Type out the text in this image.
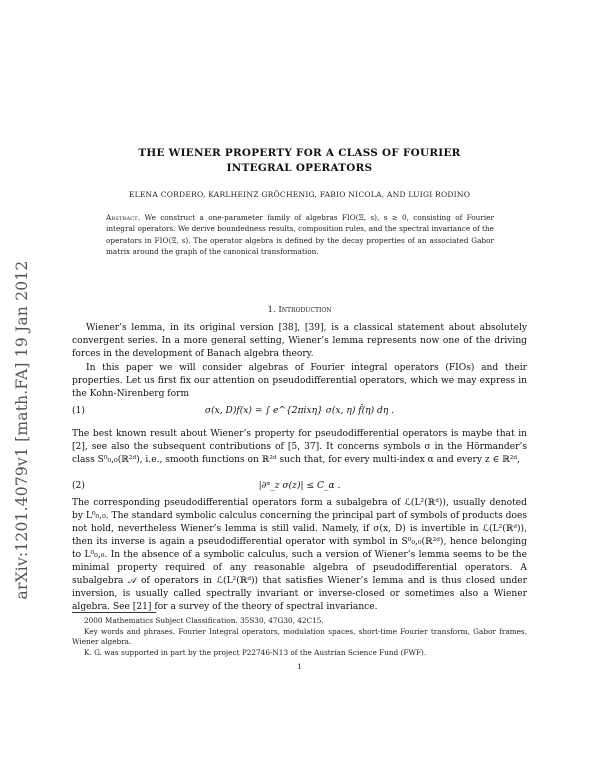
arXiv:1201.4079v1 [math.FA] 19 Jan 2012
THE WIENER PROPERTY FOR A CLASS OF FOURIER
INTEGRAL OPERATORS
ELENA CORDERO, KARLHEINZ GRÖCHENIG, FABIO NICOLA, AND LUIGI RODINO
Abstract. We construct a one-parameter family of algebras FIO(Ξ, s), s ≥ 0, consisting of Fourier integral operators. We derive boundedness results, composition rules, and the spectral invariance of the operators in FIO(Ξ, s). The operator algebra is defined by the decay properties of an associated Gabor matrix around the graph of the canonical transformation.
1. Introduction
Wiener’s lemma, in its original version [38], [39], is a classical statement about absolutely convergent series. In a more general setting, Wiener’s lemma represents now one of the driving forces in the development of Banach algebra theory.
In this paper we will consider algebras of Fourier integral operators (FIOs) and their properties. Let us first fix our attention on pseudodifferential operators, which we may express in the Kohn-Nirenberg form
(1)	σ(x, D)f(x) = ∫ e^{2πixη} σ(x, η) f̂(η) dη .
The best known result about Wiener’s property for pseudodifferential operators is maybe that in [2], see also the subsequent contributions of [5, 37]. It concerns symbols σ in the Hörmander’s class S⁰₀,₀(ℝ²ᵈ), i.e., smooth functions on ℝ²ᵈ such that, for every multi-index α and every z ∈ ℝ²ᵈ,
(2)	|∂ᵅ_z σ(z)| ≤ C_α .
The corresponding pseudodifferential operators form a subalgebra of ℒ(L²(ℝᵈ)), usually denoted by L⁰₀,₀. The standard symbolic calculus concerning the principal part of symbols of products does not hold, nevertheless Wiener’s lemma is still valid. Namely, if σ(x, D) is invertible in ℒ(L²(ℝᵈ)), then its inverse is again a pseudodifferential operator with symbol in S⁰₀,₀(ℝ²ᵈ), hence belonging to L⁰₀,₀. In the absence of a symbolic calculus, such a version of Wiener’s lemma seems to be the minimal property required of any reasonable algebra of pseudodifferential operators. A subalgebra 𝒜 of operators in ℒ(L²(ℝᵈ)) that satisfies Wiener’s lemma and is thus closed under inversion, is usually called spectrally invariant or inverse-closed or sometimes also a Wiener algebra. See [21] for a survey of the theory of spectral invariance.

2000 Mathematics Subject Classification. 35S30, 47G30, 42C15.

Key words and phrases. Fourier Integral operators, modulation spaces, short-time Fourier transform, Gabor frames, Wiener algebra.

K. G. was supported in part by the project P22746-N13 of the Austrian Science Fund (FWF).

1
